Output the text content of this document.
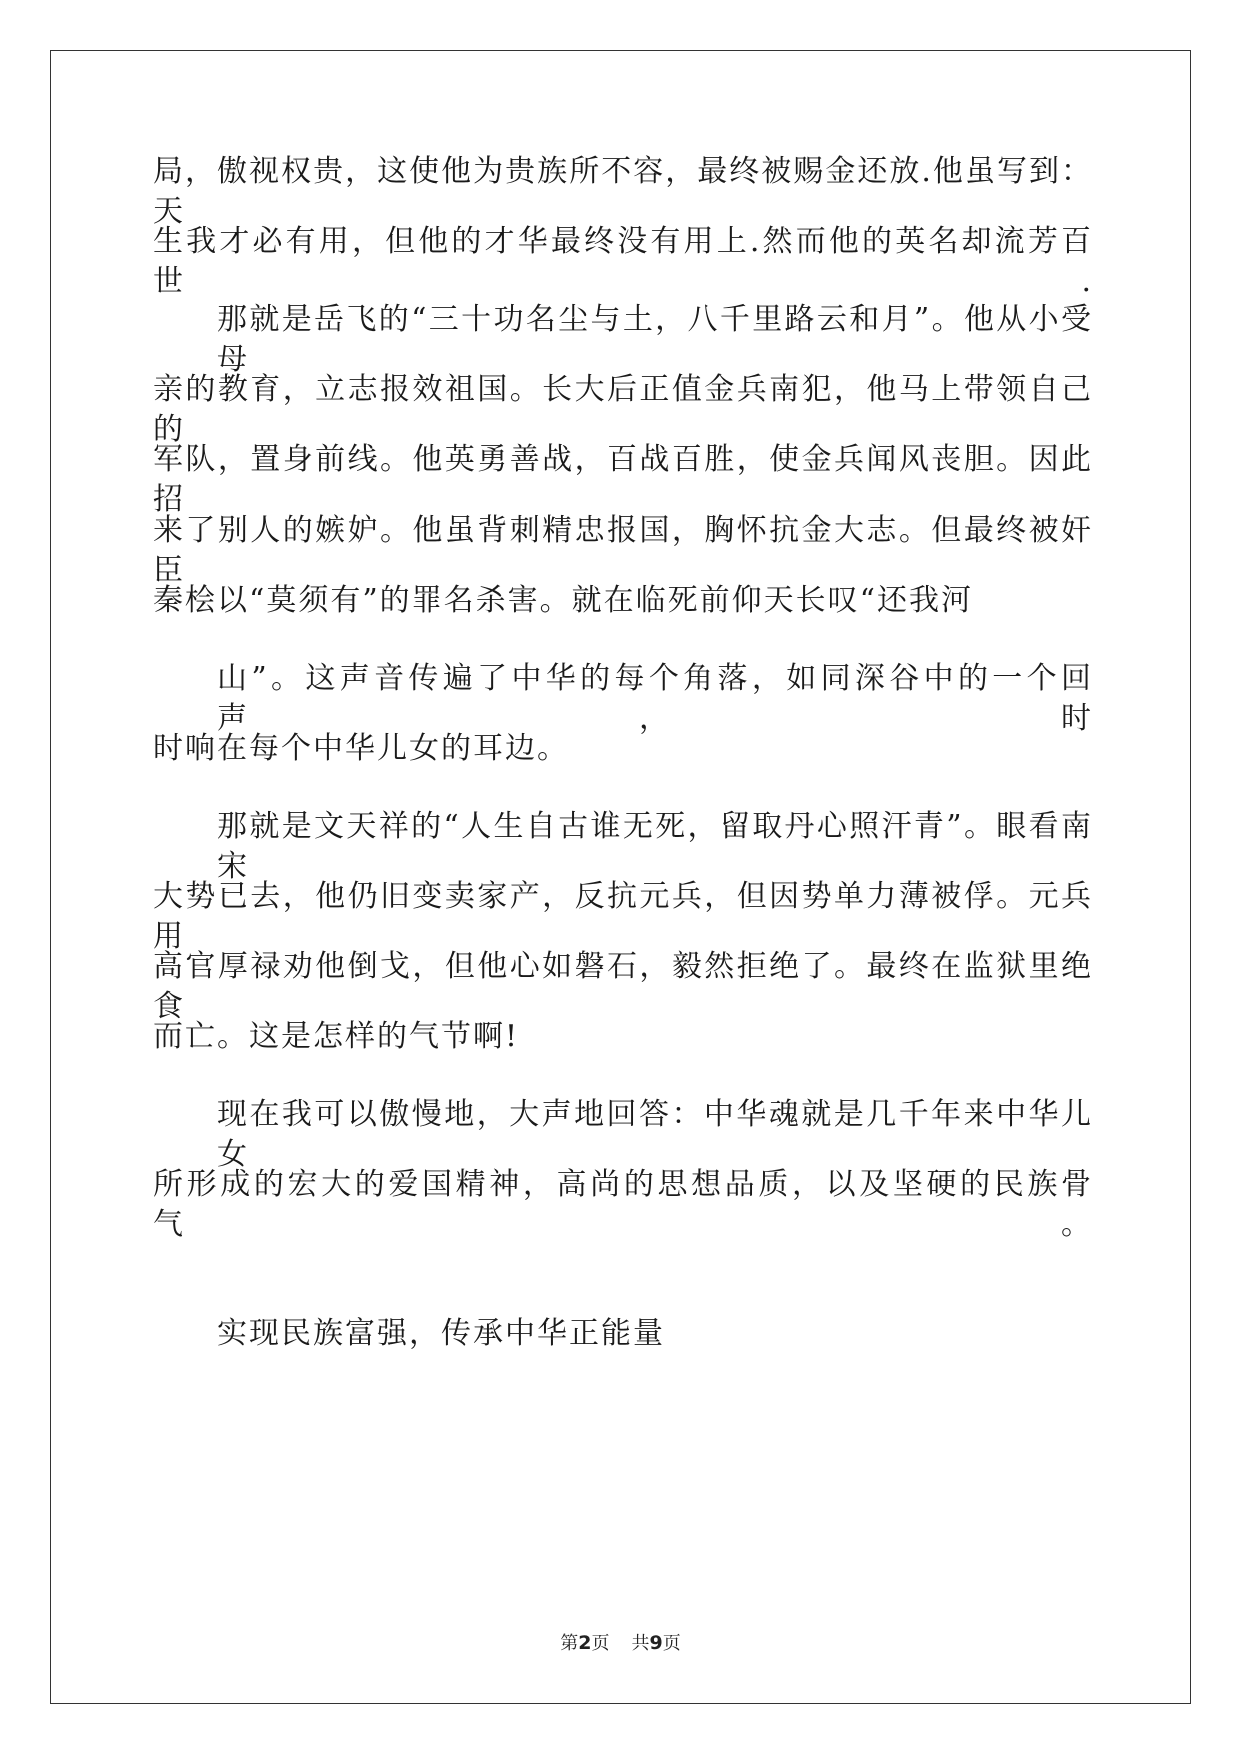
局，傲视权贵，这使他为贵族所不容，最终被赐金还放.他虽写到：天
生我才必有用，但他的才华最终没有用上.然而他的英名却流芳百世.
那就是岳飞的“三十功名尘与土，八千里路云和月”。他从小受母
亲的教育，立志报效祖国。长大后正值金兵南犯，他马上带领自己的
军队，置身前线。他英勇善战，百战百胜，使金兵闻风丧胆。因此招
来了别人的嫉妒。他虽背刺精忠报国，胸怀抗金大志。但最终被奸臣
秦桧以“莫须有”的罪名杀害。就在临死前仰天长叹“还我河
山”。这声音传遍了中华的每个角落，如同深谷中的一个回声，时
时响在每个中华儿女的耳边。
那就是文天祥的“人生自古谁无死，留取丹心照汗青”。眼看南宋
大势已去，他仍旧变卖家产，反抗元兵，但因势单力薄被俘。元兵用
高官厚禄劝他倒戈，但他心如磐石，毅然拒绝了。最终在监狱里绝食
而亡。这是怎样的气节啊!
现在我可以傲慢地，大声地回答：中华魂就是几千年来中华儿女
所形成的宏大的爱国精神，高尚的思想品质，以及坚硬的民族骨气。
实现民族富强，传承中华正能量
第2页 共9页
